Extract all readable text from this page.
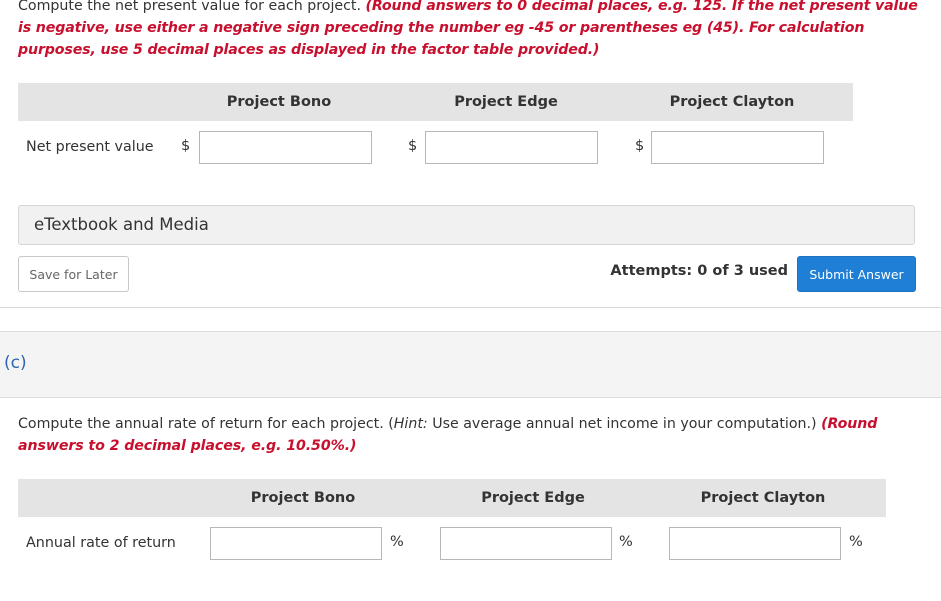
Compute the net present value for each project. (Round answers to 0 decimal places, e.g. 125. If the net present value is negative, use either a negative sign preceding the number eg -45 or parentheses eg (45). For calculation purposes, use 5 decimal places as displayed in the factor table provided.)
Project Bono	Project Edge	Project Clayton
Net present value $	$	$
eTextbook and Media
Save for Later	Attempts: 0 of 3 used	Submit Answer
(c)
Compute the annual rate of return for each project. (Hint: Use average annual net income in your computation.) (Round answers to 2 decimal places, e.g. 10.50%.)
Project Bono	Project Edge	Project Clayton
Annual rate of return	%	%	%
